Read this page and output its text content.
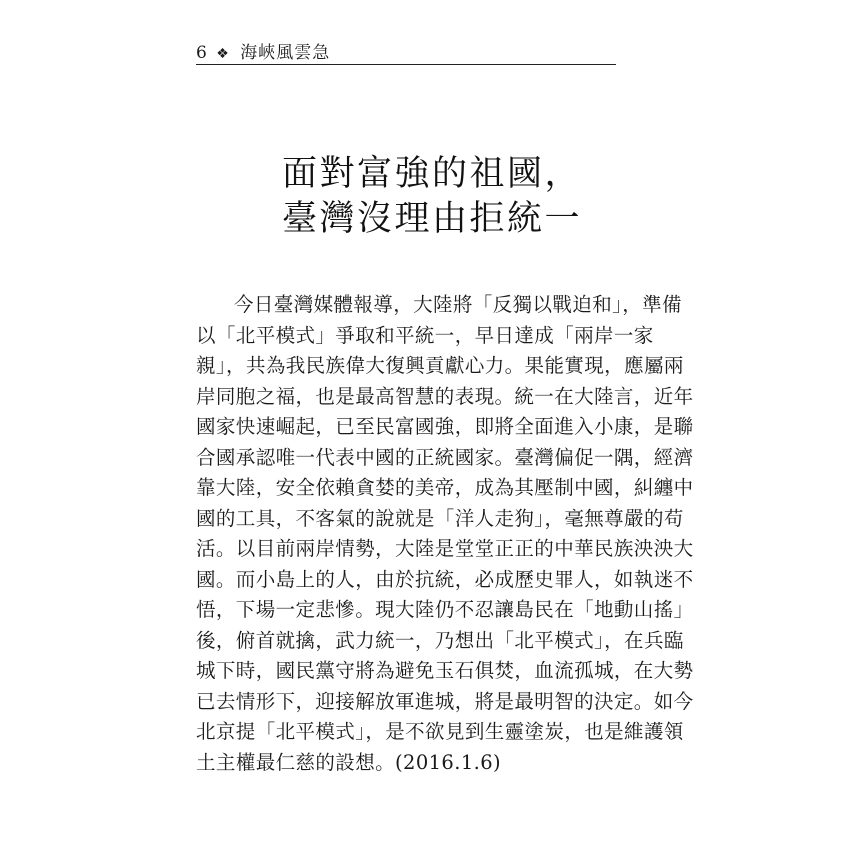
6 ❖ 海峽風雲急
面對富強的祖國，
臺灣沒理由拒統一
今日臺灣媒體報導，大陸將「反獨以戰迫和」，準備
以「北平模式」爭取和平統一，早日達成「兩岸一家
親」，共為我民族偉大復興貢獻心力。果能實現，應屬兩
岸同胞之福，也是最高智慧的表現。統一在大陸言，近年
國家快速崛起，已至民富國強，即將全面進入小康，是聯
合國承認唯一代表中國的正統國家。臺灣偏促一隅，經濟
靠大陸，安全依賴貪婪的美帝，成為其壓制中國，糾纏中
國的工具，不客氣的說就是「洋人走狗」，毫無尊嚴的苟
活。以目前兩岸情勢，大陸是堂堂正正的中華民族泱泱大
國。而小島上的人，由於抗統，必成歷史罪人，如執迷不
悟，下場一定悲慘。現大陸仍不忍讓島民在「地動山搖」
後，俯首就擒，武力統一，乃想出「北平模式」，在兵臨
城下時，國民黨守將為避免玉石俱焚，血流孤城，在大勢
已去情形下，迎接解放軍進城，將是最明智的決定。如今
北京提「北平模式」，是不欲見到生靈塗炭，也是維護領
土主權最仁慈的設想。(2016.1.6)
